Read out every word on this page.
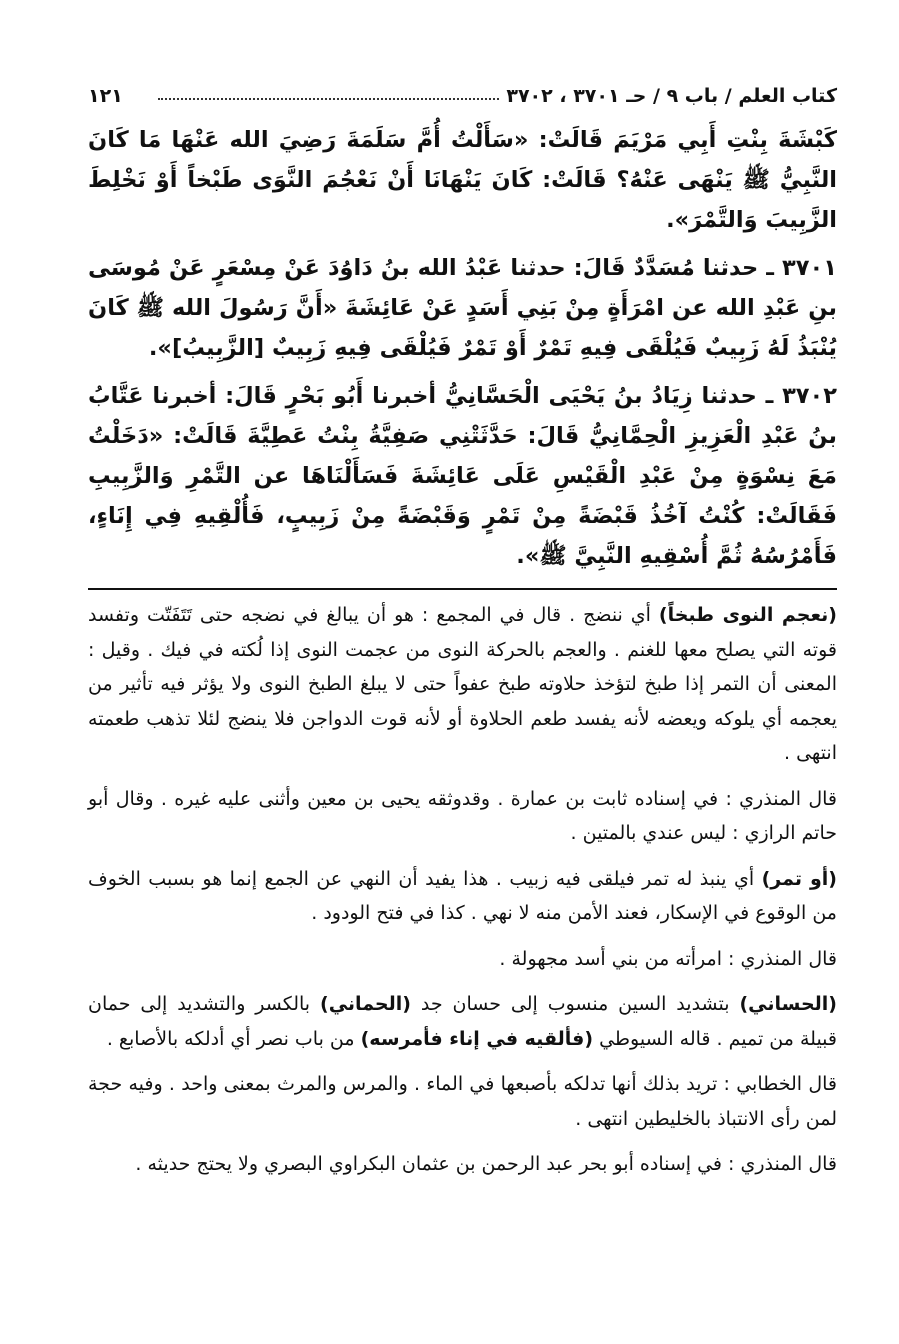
كتاب العلم / باب ٩ / حـ ٣٧٠١ ، ٣٧٠٢
١٢١

كَبْشَةَ بِنْتِ أَبِي مَرْيَمَ قَالَتْ: «سَأَلْتُ أُمَّ سَلَمَةَ رَضِيَ الله عَنْهَا مَا كَانَ النَّبِيُّ ﷺ يَنْهَى عَنْهُ؟ قَالَتْ: كَانَ يَنْهَانَا أَنْ نَعْجُمَ النَّوَى طَبْخاً أَوْ نَخْلِطَ الزَّبِيبَ وَالتَّمْرَ».

٣٧٠١ ـ حدثنا مُسَدَّدٌ قَالَ: حدثنا عَبْدُ الله بنُ دَاوُدَ عَنْ مِسْعَرٍ عَنْ مُوسَى بنِ عَبْدِ الله عن امْرَأَةٍ مِنْ بَنِي أَسَدٍ عَنْ عَائِشَةَ «أَنَّ رَسُولَ الله ﷺ كَانَ يُنْبَذُ لَهُ زَبِيبٌ فَيُلْقَى فِيهِ تَمْرٌ أَوْ تَمْرٌ فَيُلْقَى فِيهِ زَبِيبٌ [الزَّبِيبُ]».

٣٧٠٢ ـ حدثنا زِيَادُ بنُ يَحْيَى الْحَسَّانِيُّ أخبرنا أَبُو بَحْرٍ قَالَ: أخبرنا عَتَّابُ بنُ عَبْدِ الْعَزِيزِ الْحِمَّانِيُّ قَالَ: حَدَّثَتْنِي صَفِيَّةُ بِنْتُ عَطِيَّةَ قَالَتْ: «دَخَلْتُ مَعَ نِسْوَةٍ مِنْ عَبْدِ الْقَيْسِ عَلَى عَائِشَةَ فَسَأَلْنَاهَا عن التَّمْرِ وَالزَّبِيبِ فَقَالَتْ: كُنْتُ آخُذُ قَبْضَةً مِنْ تَمْرٍ وَقَبْضَةً مِنْ زَبِيبٍ، فَأُلْقِيهِ فِي إِنَاءٍ، فَأَمْرُسُهُ ثُمَّ أُسْقِيهِ النَّبِيَّ ﷺ».

(نعجم النوى طبخاً) أي ننضج . قال في المجمع : هو أن يبالغ في نضجه حتى تَتَفَتّت وتفسد قوته التي يصلح معها للغنم . والعجم بالحركة النوى من عجمت النوى إذا لُكته في فيك . وقيل : المعنى أن التمر إذا طبخ لتؤخذ حلاوته طبخ عفواً حتى لا يبلغ الطبخ النوى ولا يؤثر فيه تأثير من يعجمه أي يلوكه ويعضه لأنه يفسد طعم الحلاوة أو لأنه قوت الدواجن فلا ينضج لئلا تذهب طعمته انتهى .

قال المنذري : في إسناده ثابت بن عمارة . وقدوثقه يحيى بن معين وأثنى عليه غيره . وقال أبو حاتم الرازي : ليس عندي بالمتين .

(أو تمر) أي ينبذ له تمر فيلقى فيه زبيب . هذا يفيد أن النهي عن الجمع إنما هو بسبب الخوف من الوقوع في الإسكار، فعند الأمن منه لا نهي . كذا في فتح الودود .

قال المنذري : امرأته من بني أسد مجهولة .

(الحساني) بتشديد السين منسوب إلى حسان جد (الحماني) بالكسر والتشديد إلى حمان قبيلة من تميم . قاله السيوطي (فألقيه في إناء فأمرسه) من باب نصر أي أدلكه بالأصابع .

قال الخطابي : تريد بذلك أنها تدلكه بأصبعها في الماء . والمرس والمرث بمعنى واحد . وفيه حجة لمن رأى الانتباذ بالخليطين انتهى .

قال المنذري : في إسناده أبو بحر عبد الرحمن بن عثمان البكراوي البصري ولا يحتج حديثه .
